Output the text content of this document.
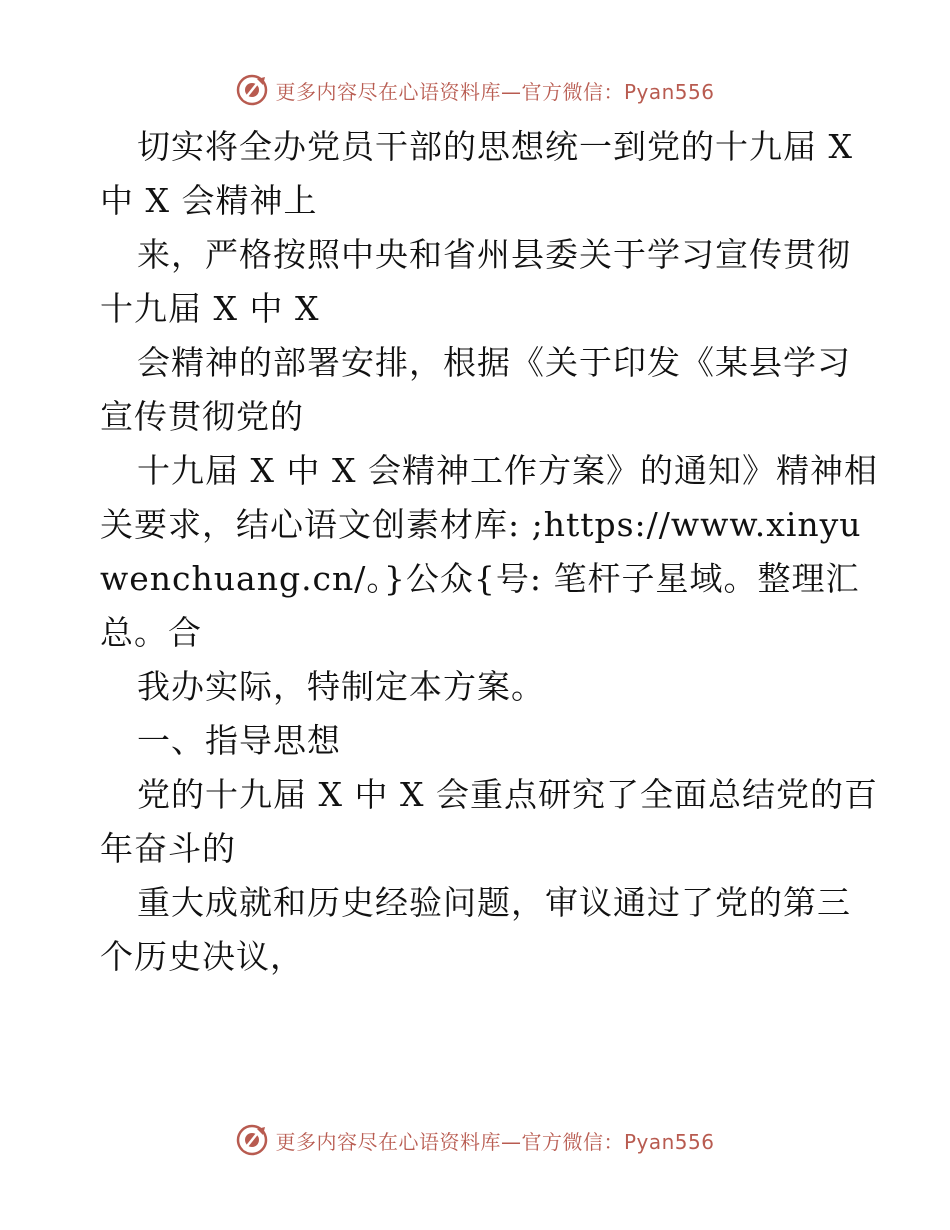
更多内容尽在心语资料库—官方微信：Pyan556
切实将全办党员干部的思想统一到党的十九届 X
中 X 会精神上
来，严格按照中央和省州县委关于学习宣传贯彻
十九届 X 中 X
会精神的部署安排，根据《关于印发《某县学习
宣传贯彻党的
十九届 X 中 X 会精神工作方案》的通知》精神相
关要求，结心语文创素材库: ;https://www.xinyu
wenchuang.cn/。}公众{号: 笔杆子星域。整理汇
总。合
我办实际，特制定本方案。
一、指导思想
党的十九届 X 中 X 会重点研究了全面总结党的百
年奋斗的
重大成就和历史经验问题，审议通过了党的第三
个历史决议，
更多内容尽在心语资料库—官方微信：Pyan556
